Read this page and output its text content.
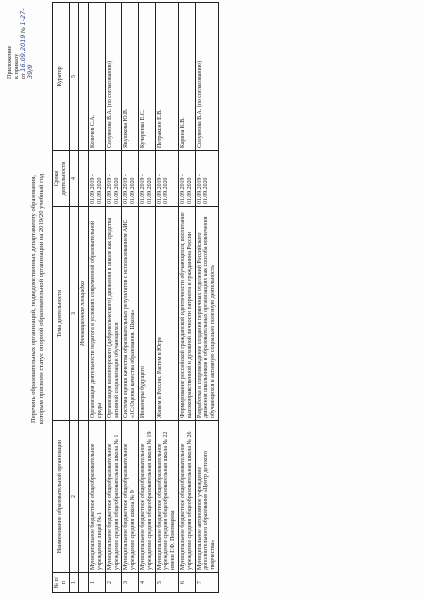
Приложение к приказу от 16.09.2019 № 1-27-39/9
Перечень образовательных организаций, подведомственных департаменту образования, которым присвоен статус опорной образовательной организации на 2019/20 учебный год
№ п/п	Наименование образовательной организации	Тема деятельности	Сроки деятельности	Куратор
1	2	3	4	5
		Инновационная площадка		
1	Муниципальное бюджетное общеобразовательное учреждение лицей № 1	Организация деятельности педагога в условиях современной образовательной среды	01.09.2019 - 01.09.2020	Козичев С.А.
2	Муниципальное бюджетное общеобразовательное учреждение средняя общеобразовательная школа № 1	Организация волонтерского (добровольческого) движения в школе как средства активной социализации обучающихся	01.09.2019 - 01.09.2020	Солуянова В.А. (по согласованию)
3	Муниципальное бюджетное общеобразовательное учреждение средняя школа № 9	Система оценки качества образовательных результатов с использованием АИС «1С:Оценка качества образования. Школа»	01.09.2019 - 01.09.2020	Якушкова Ю.В.
4	Муниципальное бюджетное общеобразовательное учреждение средняя общеобразовательная школа № 19	Инженеры будущего	01.09.2019 - 01.09.2020	Кучеренко Е.С.
5	Муниципальное бюджетное общеобразовательное учреждение средняя общеобразовательная школа № 22 имени Г.Ф. Пономарева	Живем в России. Растем в Югре	01.09.2019 - 01.09.2020	Петраксин Е.В.
6	Муниципальное бюджетное общеобразовательное учреждение средняя общеобразовательная школа № 26	Формирование российской гражданской идентичности обучающихся, воспитание высоконравственной и духовной личности патриота и гражданина России	01.09.2019 - 01.09.2020	Карина К.В.
7	Муниципальное автономное учреждение дополнительного образования «Центр детского творчества»	Разработка и сопровождение создания первичных отделений Российского движения школьников в образовательных организациях как способа вовлечения обучающихся в активную социально полезную деятельность	01.09.2019 - 01.09.2020	Солуянова В.А. (по согласованию)
